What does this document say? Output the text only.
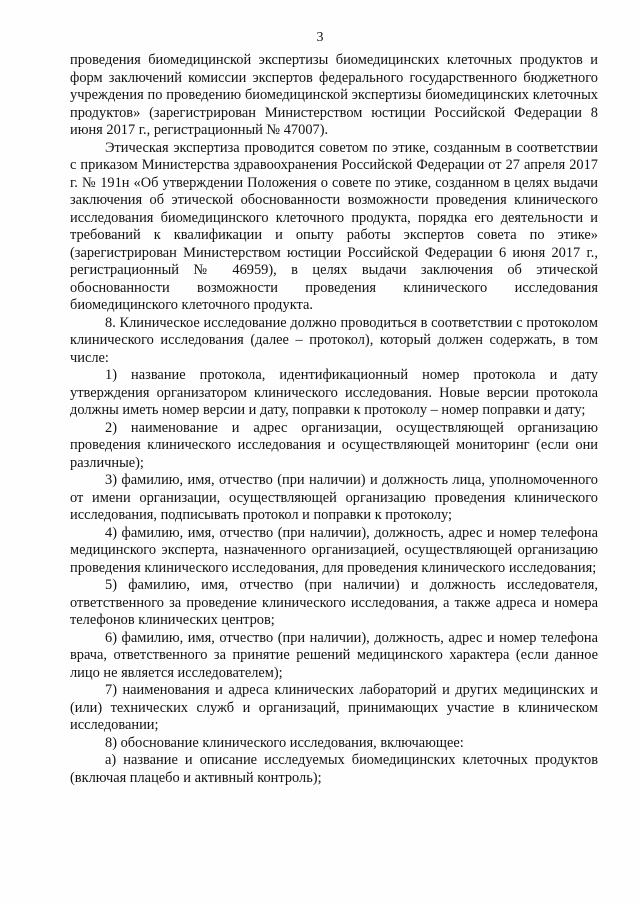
3

проведения биомедицинской экспертизы биомедицинских клеточных продуктов и форм заключений комиссии экспертов федерального государственного бюджетного учреждения по проведению биомедицинской экспертизы биомедицинских клеточных продуктов» (зарегистрирован Министерством юстиции Российской Федерации 8 июня 2017 г., регистрационный № 47007).

Этическая экспертиза проводится советом по этике, созданным в соответствии с приказом Министерства здравоохранения Российской Федерации от 27 апреля 2017 г. № 191н «Об утверждении Положения о совете по этике, созданном в целях выдачи заключения об этической обоснованности возможности проведения клинического исследования биомедицинского клеточного продукта, порядка его деятельности и требований к квалификации и опыту работы экспертов совета по этике» (зарегистрирован Министерством юстиции Российской Федерации 6 июня 2017 г., регистрационный № 46959), в целях выдачи заключения об этической обоснованности возможности проведения клинического исследования биомедицинского клеточного продукта.

8. Клиническое исследование должно проводиться в соответствии с протоколом клинического исследования (далее – протокол), который должен содержать, в том числе:

1) название протокола, идентификационный номер протокола и дату утверждения организатором клинического исследования. Новые версии протокола должны иметь номер версии и дату, поправки к протоколу – номер поправки и дату;

2) наименование и адрес организации, осуществляющей организацию проведения клинического исследования и осуществляющей мониторинг (если они различные);

3) фамилию, имя, отчество (при наличии) и должность лица, уполномоченного от имени организации, осуществляющей организацию проведения клинического исследования, подписывать протокол и поправки к протоколу;

4) фамилию, имя, отчество (при наличии), должность, адрес и номер телефона медицинского эксперта, назначенного организацией, осуществляющей организацию проведения клинического исследования, для проведения клинического исследования;

5) фамилию, имя, отчество (при наличии) и должность исследователя, ответственного за проведение клинического исследования, а также адреса и номера телефонов клинических центров;

6) фамилию, имя, отчество (при наличии), должность, адрес и номер телефона врача, ответственного за принятие решений медицинского характера (если данное лицо не является исследователем);

7) наименования и адреса клинических лабораторий и других медицинских и (или) технических служб и организаций, принимающих участие в клиническом исследовании;

8) обоснование клинического исследования, включающее:

а) название и описание исследуемых биомедицинских клеточных продуктов (включая плацебо и активный контроль);
